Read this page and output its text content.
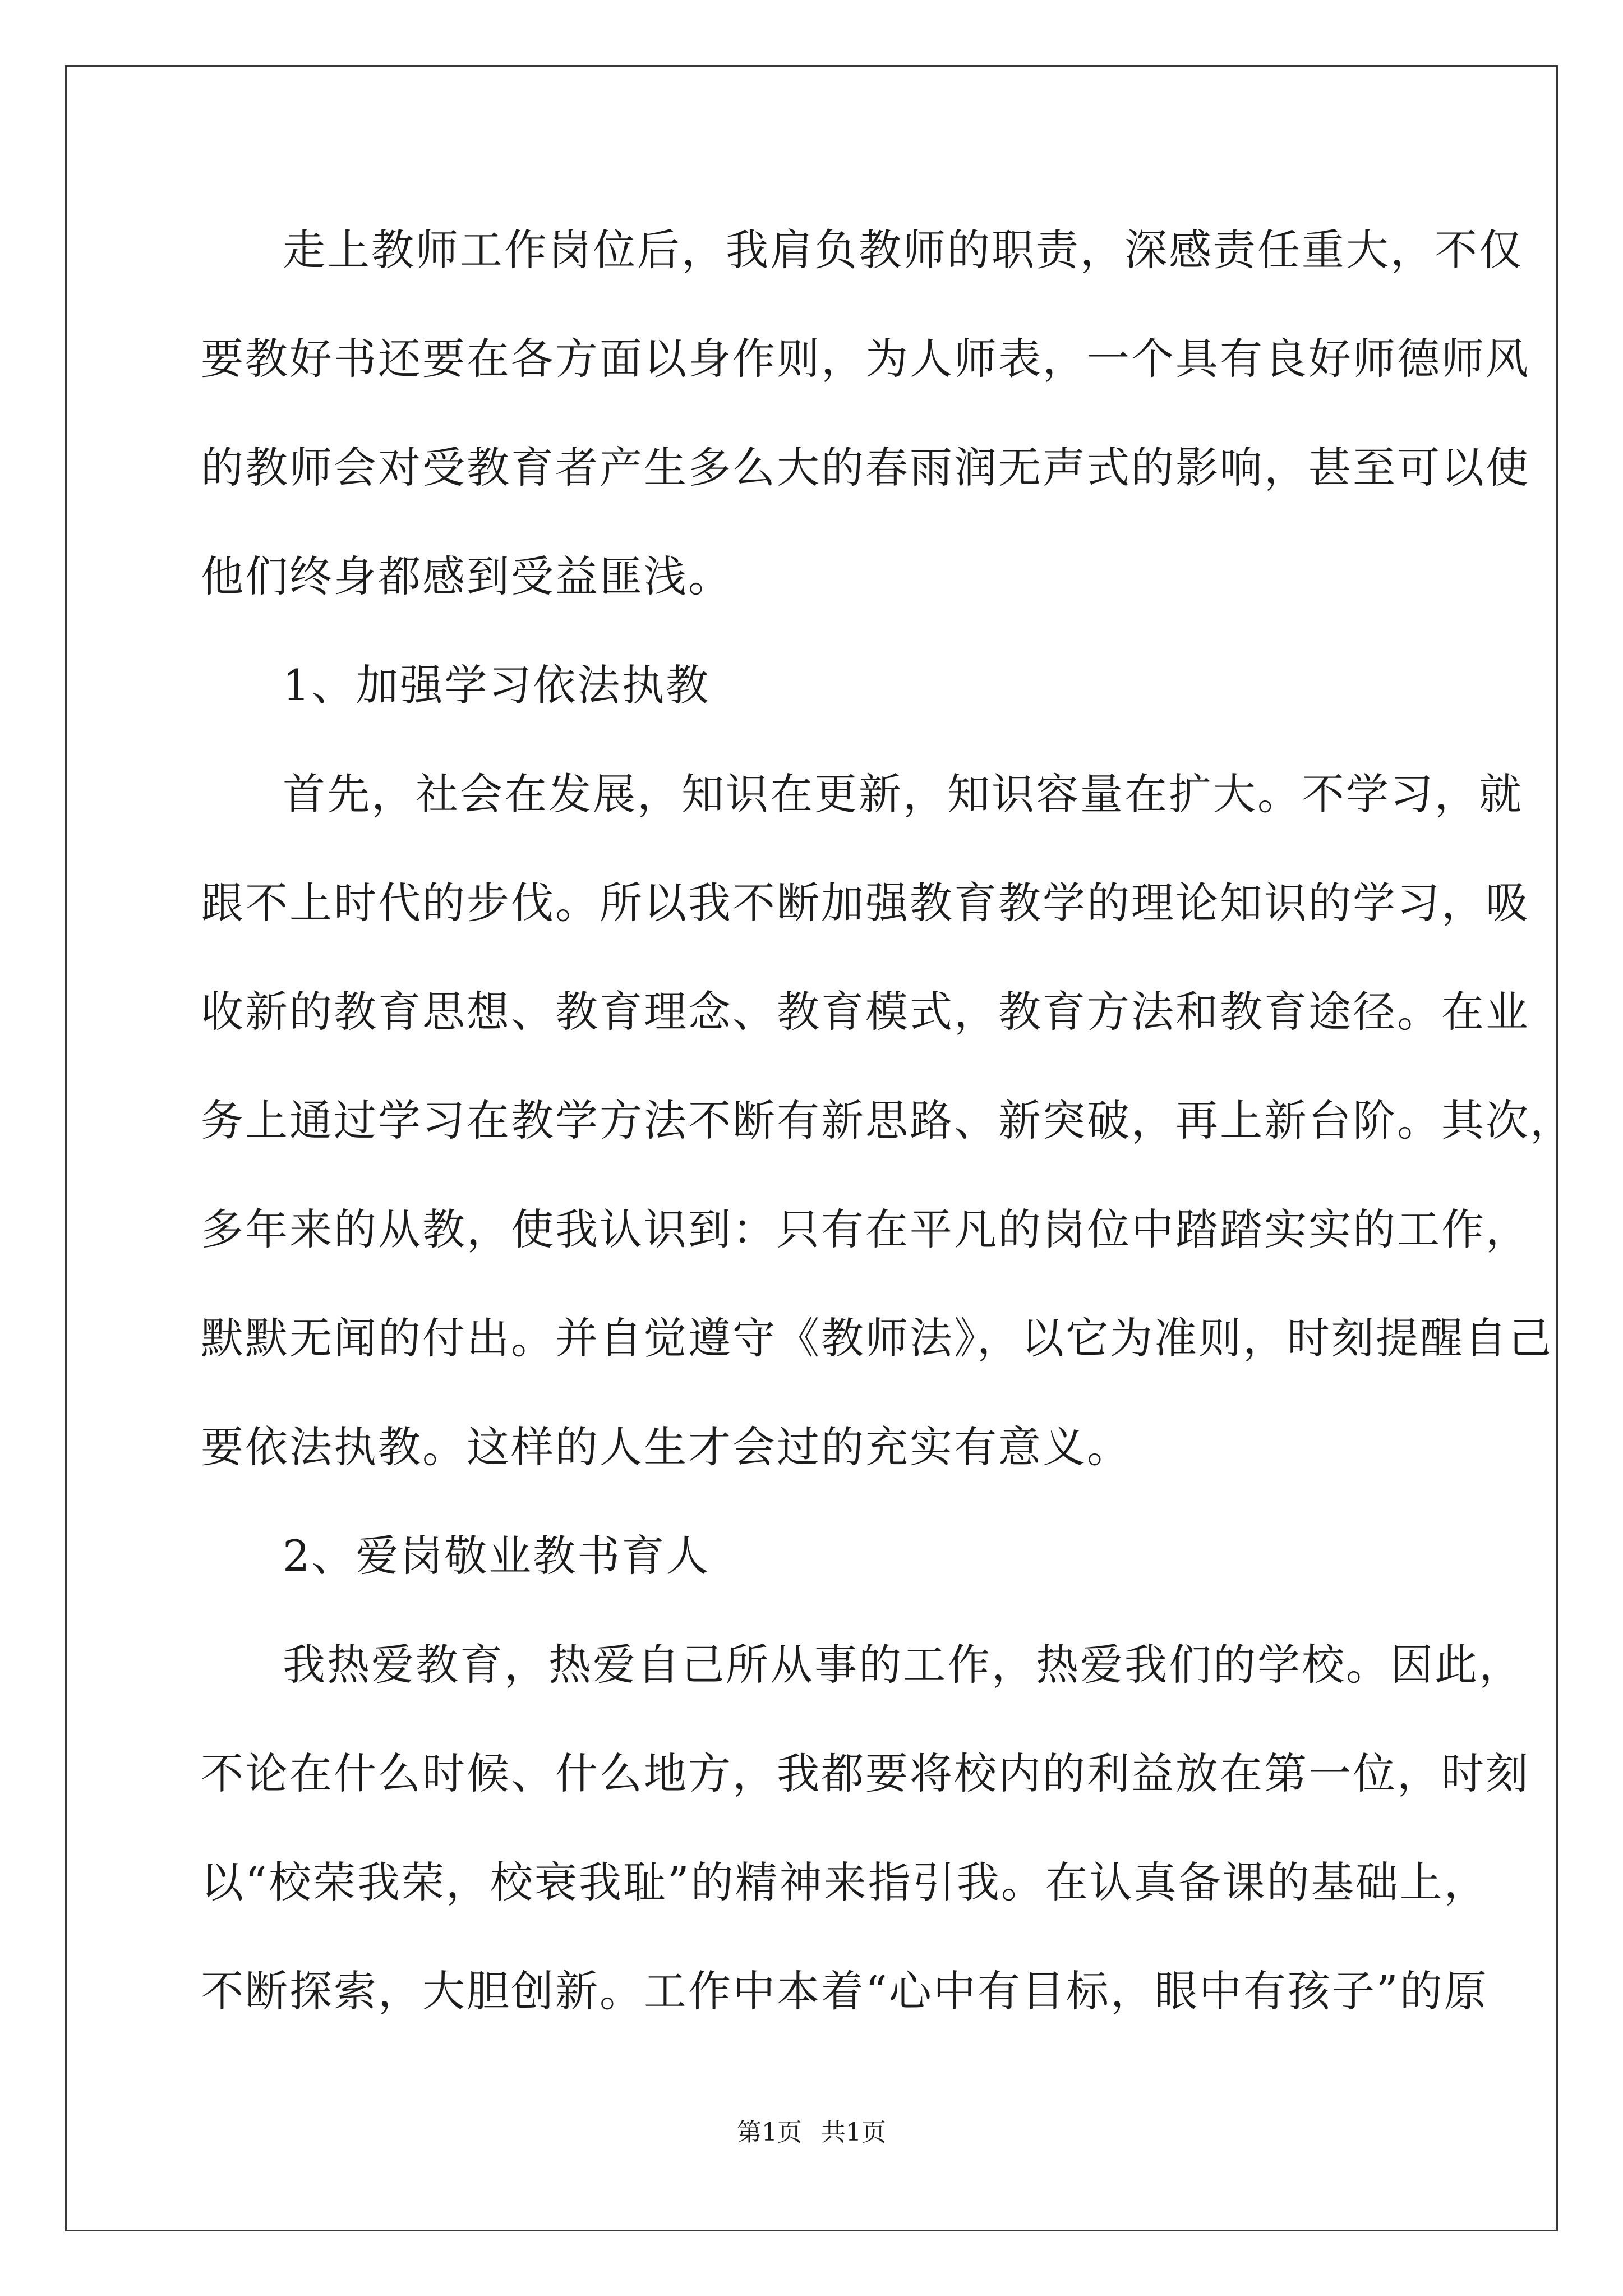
走上教师工作岗位后，我肩负教师的职责，深感责任重大，不仅

要教好书还要在各方面以身作则，为人师表，一个具有良好师德师风

的教师会对受教育者产生多么大的春雨润无声式的影响，甚至可以使

他们终身都感到受益匪浅。

1、加强学习依法执教

首先，社会在发展，知识在更新，知识容量在扩大。不学习，就

跟不上时代的步伐。所以我不断加强教育教学的理论知识的学习，吸

收新的教育思想、教育理念、教育模式，教育方法和教育途径。在业

务上通过学习在教学方法不断有新思路、新突破，再上新台阶。其次，

多年来的从教，使我认识到：只有在平凡的岗位中踏踏实实的工作，

默默无闻的付出。并自觉遵守《教师法》，以它为准则，时刻提醒自己

要依法执教。这样的人生才会过的充实有意义。

2、爱岗敬业教书育人

我热爱教育，热爱自己所从事的工作，热爱我们的学校。因此，

不论在什么时候、什么地方，我都要将校内的利益放在第一位，时刻

以“校荣我荣，校衰我耻”的精神来指引我。在认真备课的基础上，

不断探索，大胆创新。工作中本着“心中有目标，眼中有孩子”的原

第1页 共1页
